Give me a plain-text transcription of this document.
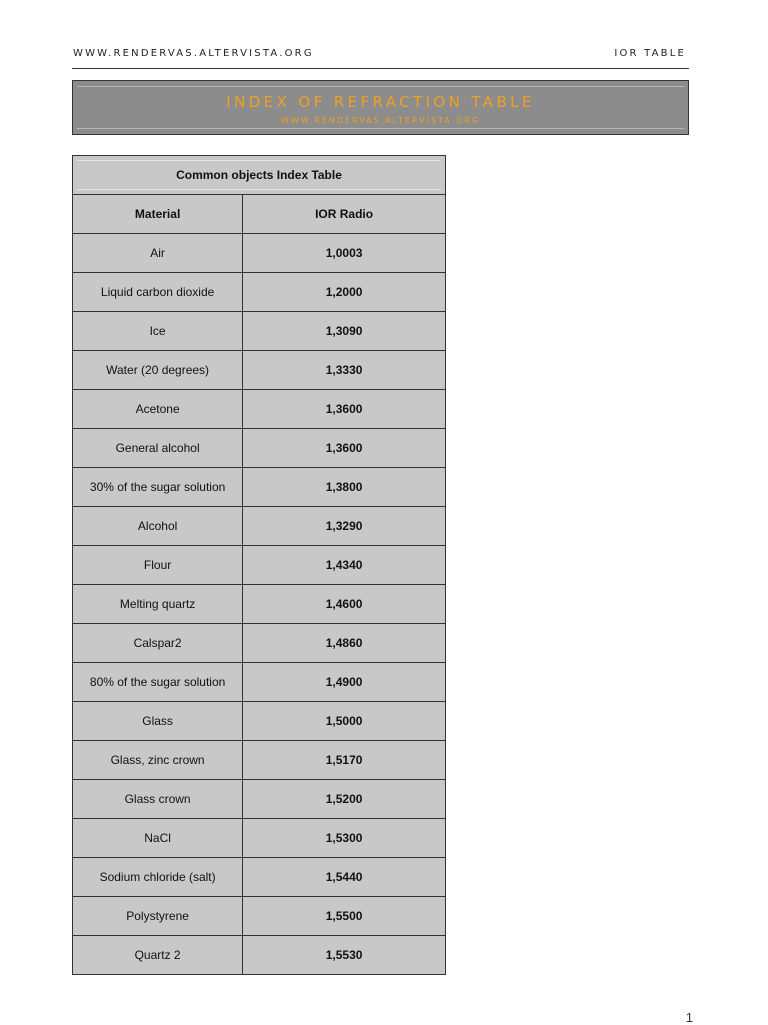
WWW.RENDERVAS.ALTERVISTA.ORG	IOR TABLE
INDEX OF REFRACTION TABLE
WWW.RENDERVAS.ALTERVISTA.ORG
Common objects Index Table	
Material	IOR Radio
Air	1,0003
Liquid carbon dioxide	1,2000
Ice	1,3090
Water (20 degrees)	1,3330
Acetone	1,3600
General alcohol	1,3600
30% of the sugar solution	1,3800
Alcohol	1,3290
Flour	1,4340
Melting quartz	1,4600
Calspar2	1,4860
80% of the sugar solution	1,4900
Glass	1,5000
Glass, zinc crown	1,5170
Glass crown	1,5200
NaCl	1,5300
Sodium chloride (salt)	1,5440
Polystyrene	1,5500
Quartz 2	1,5530
1
